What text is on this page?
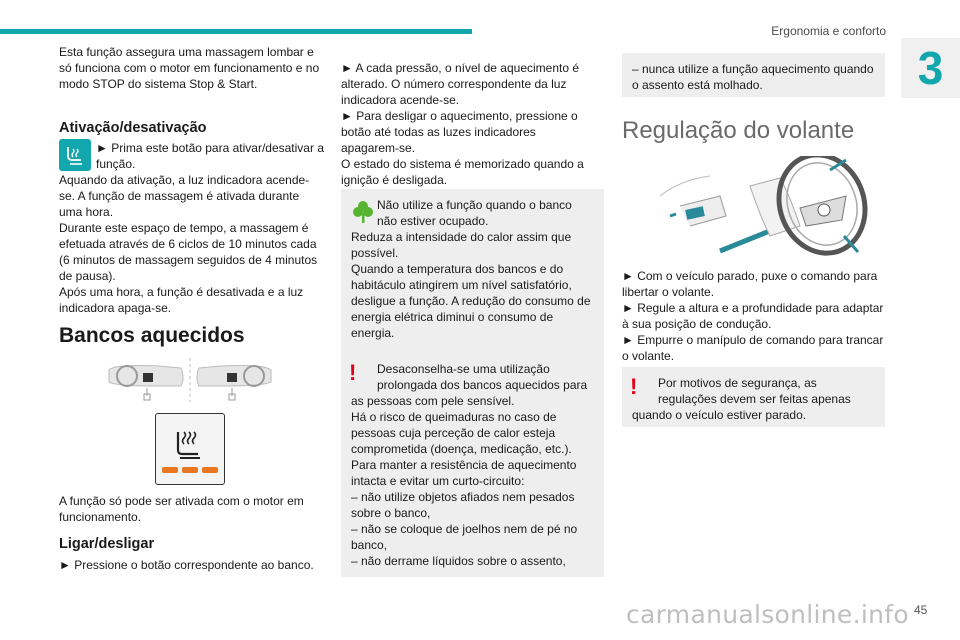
Ergonomia e conforto
3

Esta função assegura uma massagem lombar e só funciona com o motor em funcionamento e no modo STOP do sistema Stop & Start.

Ativação/desativação

► Prima este botão para ativar/desativar a função.

Aquando da ativação, a luz indicadora acende-se. A função de massagem é ativada durante uma hora.

Durante este espaço de tempo, a massagem é efetuada através de 6 ciclos de 10 minutos cada (6 minutos de massagem seguidos de 4 minutos de pausa).

Após uma hora, a função é desativada e a luz indicadora apaga-se.

Bancos aquecidos

A função só pode ser ativada com o motor em funcionamento.

Ligar/desligar

► Pressione o botão correspondente ao banco.

► A cada pressão, o nível de aquecimento é alterado. O número correspondente da luz indicadora acende-se.

► Para desligar o aquecimento, pressione o botão até todas as luzes indicadores apagarem-se.

O estado do sistema é memorizado quando a ignição é desligada.

Não utilize a função quando o banco não estiver ocupado.

Reduza a intensidade do calor assim que possível.
Quando a temperatura dos bancos e do habitáculo atingirem um nível satisfatório, desligue a função. A redução do consumo de energia elétrica diminui o consumo de energia.

! Desaconselha-se uma utilização prolongada dos bancos aquecidos para

as pessoas com pele sensível.
Há o risco de queimaduras no caso de pessoas cuja perceção de calor esteja comprometida (doença, medicação, etc.).
Para manter a resistência de aquecimento intacta e evitar um curto-circuito:
– não utilize objetos afiados nem pesados sobre o banco,
– não se coloque de joelhos nem de pé no banco,
– não derrame líquidos sobre o assento,

– nunca utilize a função aquecimento quando o assento está molhado.

Regulação do volante

► Com o veículo parado, puxe o comando para libertar o volante.

► Regule a altura e a profundidade para adaptar à sua posição de condução.

► Empurre o manípulo de comando para trancar o volante.

! Por motivos de segurança, as regulações devem ser feitas apenas

quando o veículo estiver parado.

carmanualsonline.info 45
